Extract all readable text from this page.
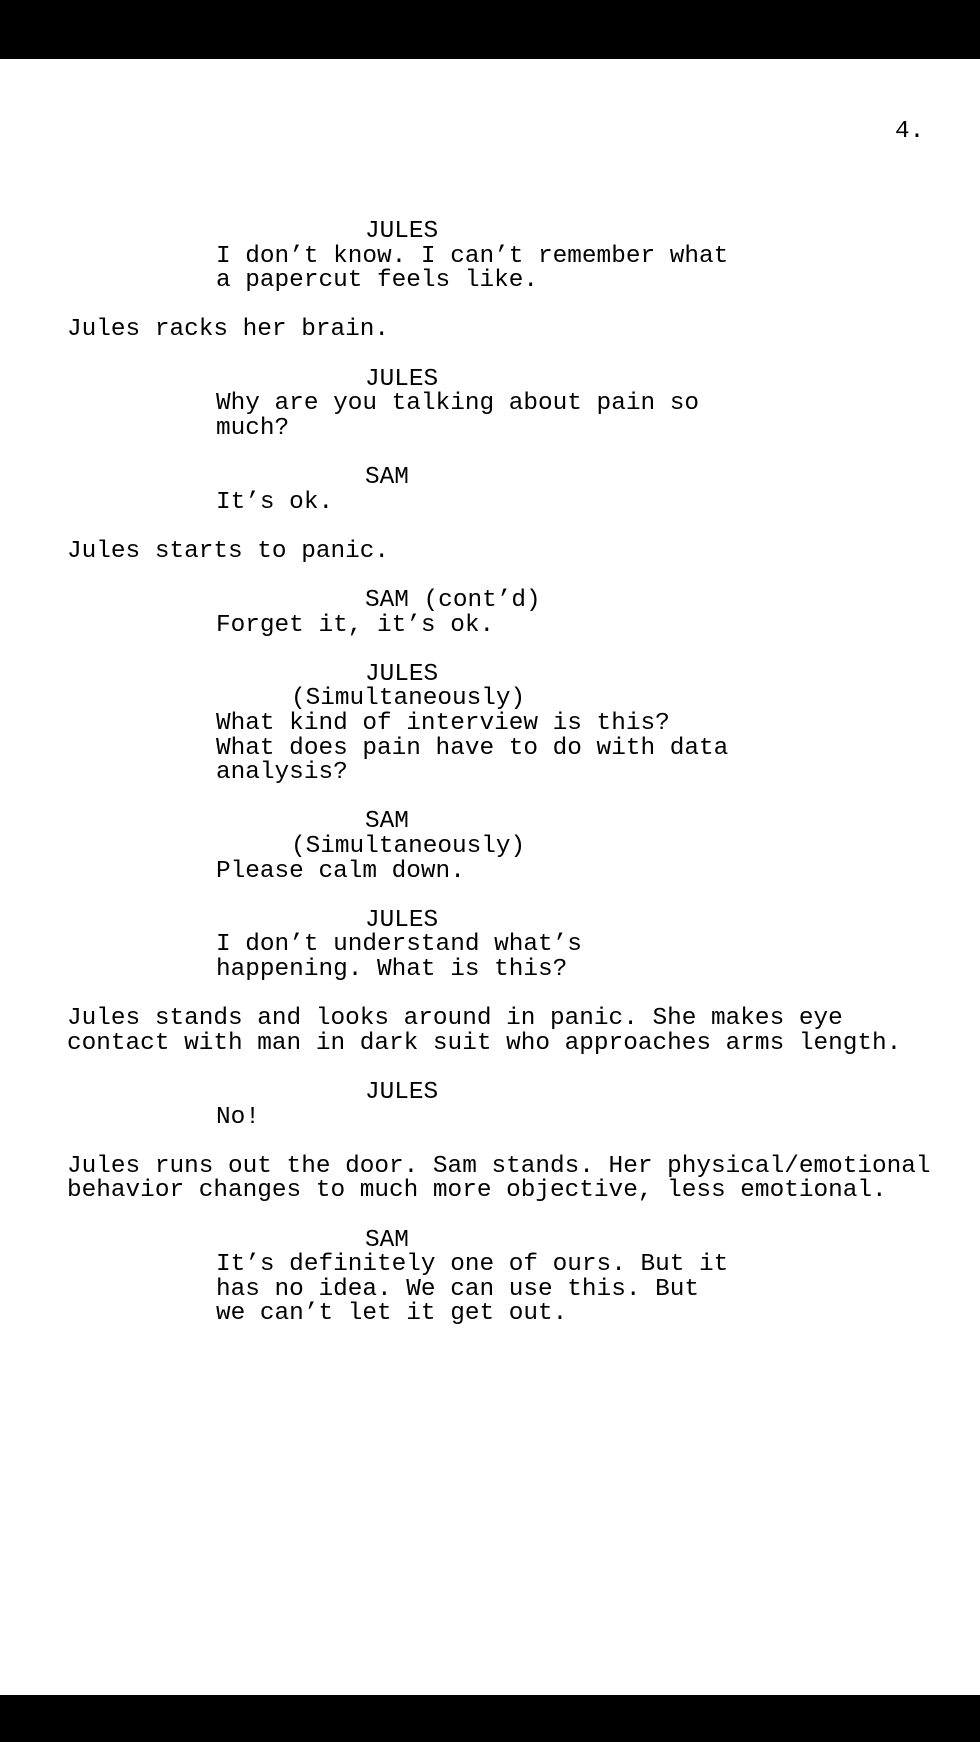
4.
JULES
I don’t know. I can’t remember what
a papercut feels like.
Jules racks her brain.
JULES
Why are you talking about pain so
much?
SAM
It’s ok.
Jules starts to panic.
SAM (cont’d)
Forget it, it’s ok.
JULES
(Simultaneously)
What kind of interview is this?
What does pain have to do with data
analysis?
SAM
(Simultaneously)
Please calm down.
JULES
I don’t understand what’s
happening. What is this?
Jules stands and looks around in panic. She makes eye
contact with man in dark suit who approaches arms length.
JULES
No!
Jules runs out the door. Sam stands. Her physical/emotional
behavior changes to much more objective, less emotional.
SAM
It’s definitely one of ours. But it
has no idea. We can use this. But
we can’t let it get out.
